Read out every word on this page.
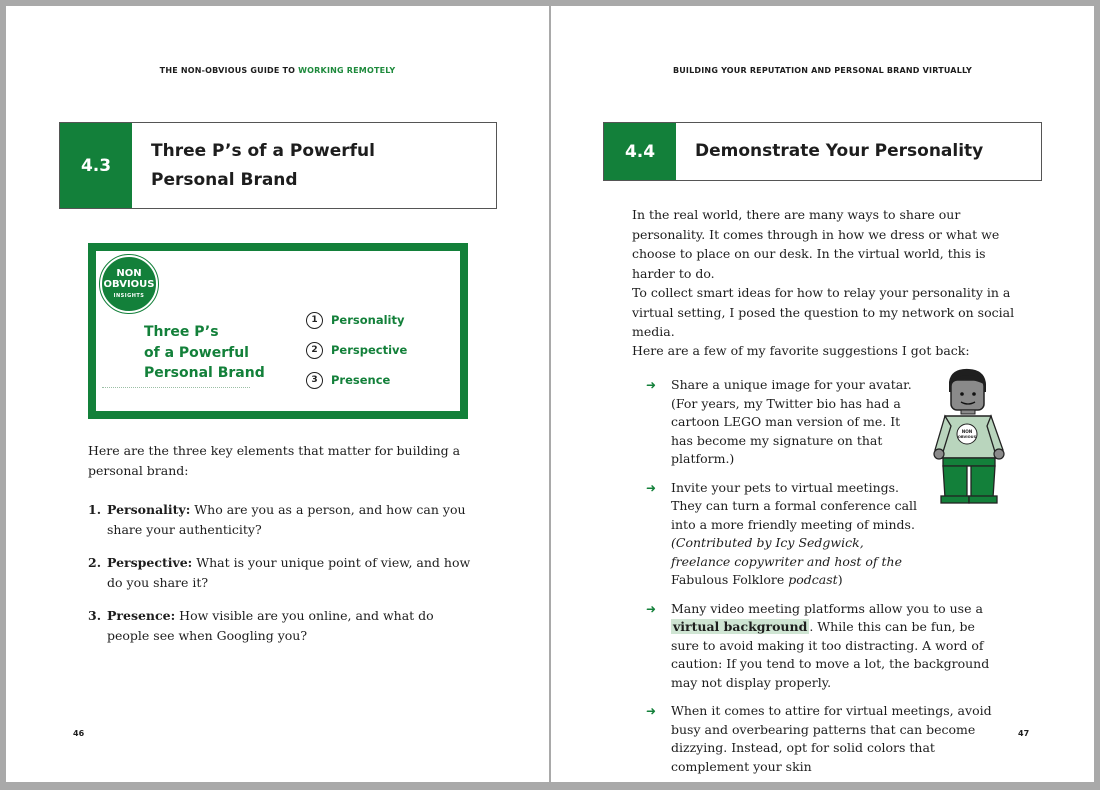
THE NON-OBVIOUS GUIDE TO WORKING REMOTELY
4.3
Three P’s of a Powerful
Personal Brand
NON
OBVIOUS
INSIGHTS
Three P’s
of a Powerful
Personal Brand
1	Personality
2	Perspective
3	Presence
Here are the three key elements that matter for building a personal brand:
1. Personality: Who are you as a person, and how can you share your authenticity?
2. Perspective: What is your unique point of view, and how do you share it?
3. Presence: How visible are you online, and what do people see when Googling you?
46
BUILDING YOUR REPUTATION AND PERSONAL BRAND VIRTUALLY
4.4	Demonstrate Your Personality
In the real world, there are many ways to share our personality. It comes through in how we dress or what we choose to place on our desk. In the virtual world, this is harder to do.
To collect smart ideas for how to relay your personality in a virtual setting, I posed the question to my network on social media.
Here are a few of my favorite suggestions I got back:
NON
OBVIOUS
➜ Share a unique image for your avatar. (For years, my Twitter bio has had a cartoon LEGO man version of me. It has become my signature on that platform.)
➜ Invite your pets to virtual meetings. They can turn a formal conference call into a more friendly meeting of minds. (Contributed by Icy Sedgwick, freelance copywriter and host of the Fabulous Folklore podcast)
➜ Many video meeting platforms allow you to use a virtual background . While this can be fun, be sure to avoid making it too distracting. A word of caution: If you tend to move a lot, the background may not display properly.
➜ When it comes to attire for virtual meetings, avoid busy and overbearing patterns that can become dizzying. Instead, opt for solid colors that complement your skin
47
